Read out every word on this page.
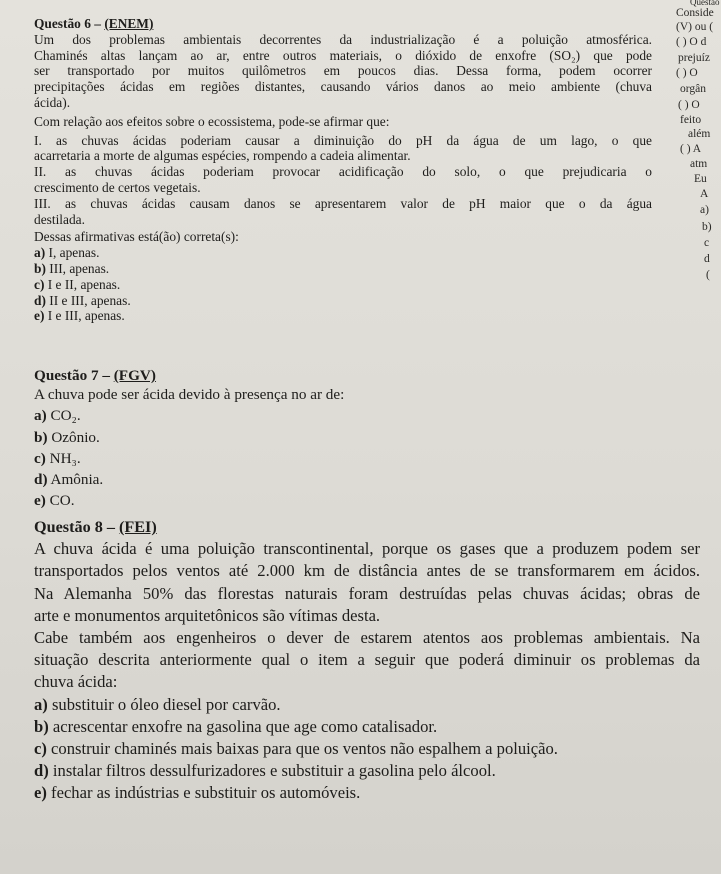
Questão 6 – (ENEM)
Um dos problemas ambientais decorrentes da industrialização é a poluição atmosférica.
Chaminés altas lançam ao ar, entre outros materiais, o dióxido de enxofre (SO₂) que pode
ser transportado por muitos quilômetros em poucos dias. Dessa forma, podem ocorrer
precipitações ácidas em regiões distantes, causando vários danos ao meio ambiente (chuva
ácida).
Com relação aos efeitos sobre o ecossistema, pode-se afirmar que:
I. as chuvas ácidas poderiam causar a diminuição do pH da água de um lago, o que
acarretaria a morte de algumas espécies, rompendo a cadeia alimentar.
II. as chuvas ácidas poderiam provocar acidificação do solo, o que prejudicaria o
crescimento de certos vegetais.
III. as chuvas ácidas causam danos se apresentarem valor de pH maior que o da água
destilada.
Dessas afirmativas está(ão) correta(s):
a) I, apenas.
b) III, apenas.
c) I e II, apenas.
d) II e III, apenas.
e) I e III, apenas.
Questão 7 – (FGV)
A chuva pode ser ácida devido à presença no ar de:
a) CO₂.
b) Ozônio.
c) NH₃.
d) Amônia.
e) CO.
Questão 8 – (FEI)
A chuva ácida é uma poluição transcontinental, porque os gases que a produzem podem ser
transportados pelos ventos até 2.000 km de distância antes de se transformarem em ácidos.
Na Alemanha 50% das florestas naturais foram destruídas pelas chuvas ácidas; obras de
arte e monumentos arquitetônicos são vítimas desta.
Cabe também aos engenheiros o dever de estarem atentos aos problemas ambientais. Na
situação descrita anteriormente qual o item a seguir que poderá diminuir os problemas da
chuva ácida:
a) substituir o óleo diesel por carvão.
b) acrescentar enxofre na gasolina que age como catalisador.
c) construir chaminés mais baixas para que os ventos não espalhem a poluição.
d) instalar filtros dessulfurizadores e substituir a gasolina pelo álcool.
e) fechar as indústrias e substituir os automóveis.
Questão
Conside
(V) ou (
( ) O d
prejuíz
( ) O
orgân
( ) O
feito
além
( ) A
atm
Eu
A
a)
b)
c
d
(
